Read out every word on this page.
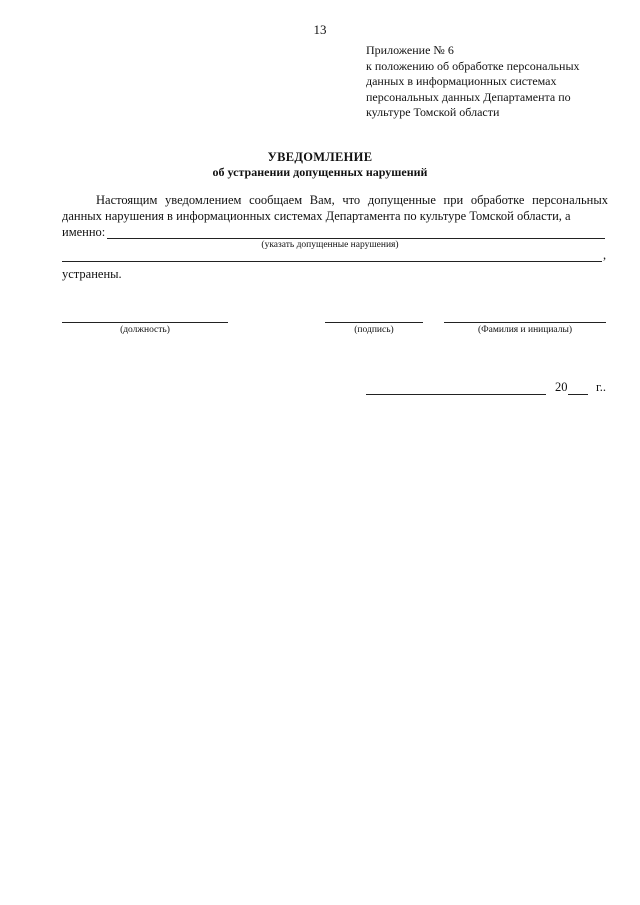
13
Приложение № 6
к положению об обработке персональных
данных в информационных системах
персональных данных Департамента по
культуре Томской области
УВЕДОМЛЕНИЕ
об устранении допущенных нарушений
Настоящим уведомлением сообщаем Вам, что допущенные при обработке персональных данных нарушения в информационных системах Департамента по культуре Томской области, а
именно:
(указать допущенные нарушения)
,
устранены.
(должность)	(подпись)	(Фамилия и инициалы)
20 г..
